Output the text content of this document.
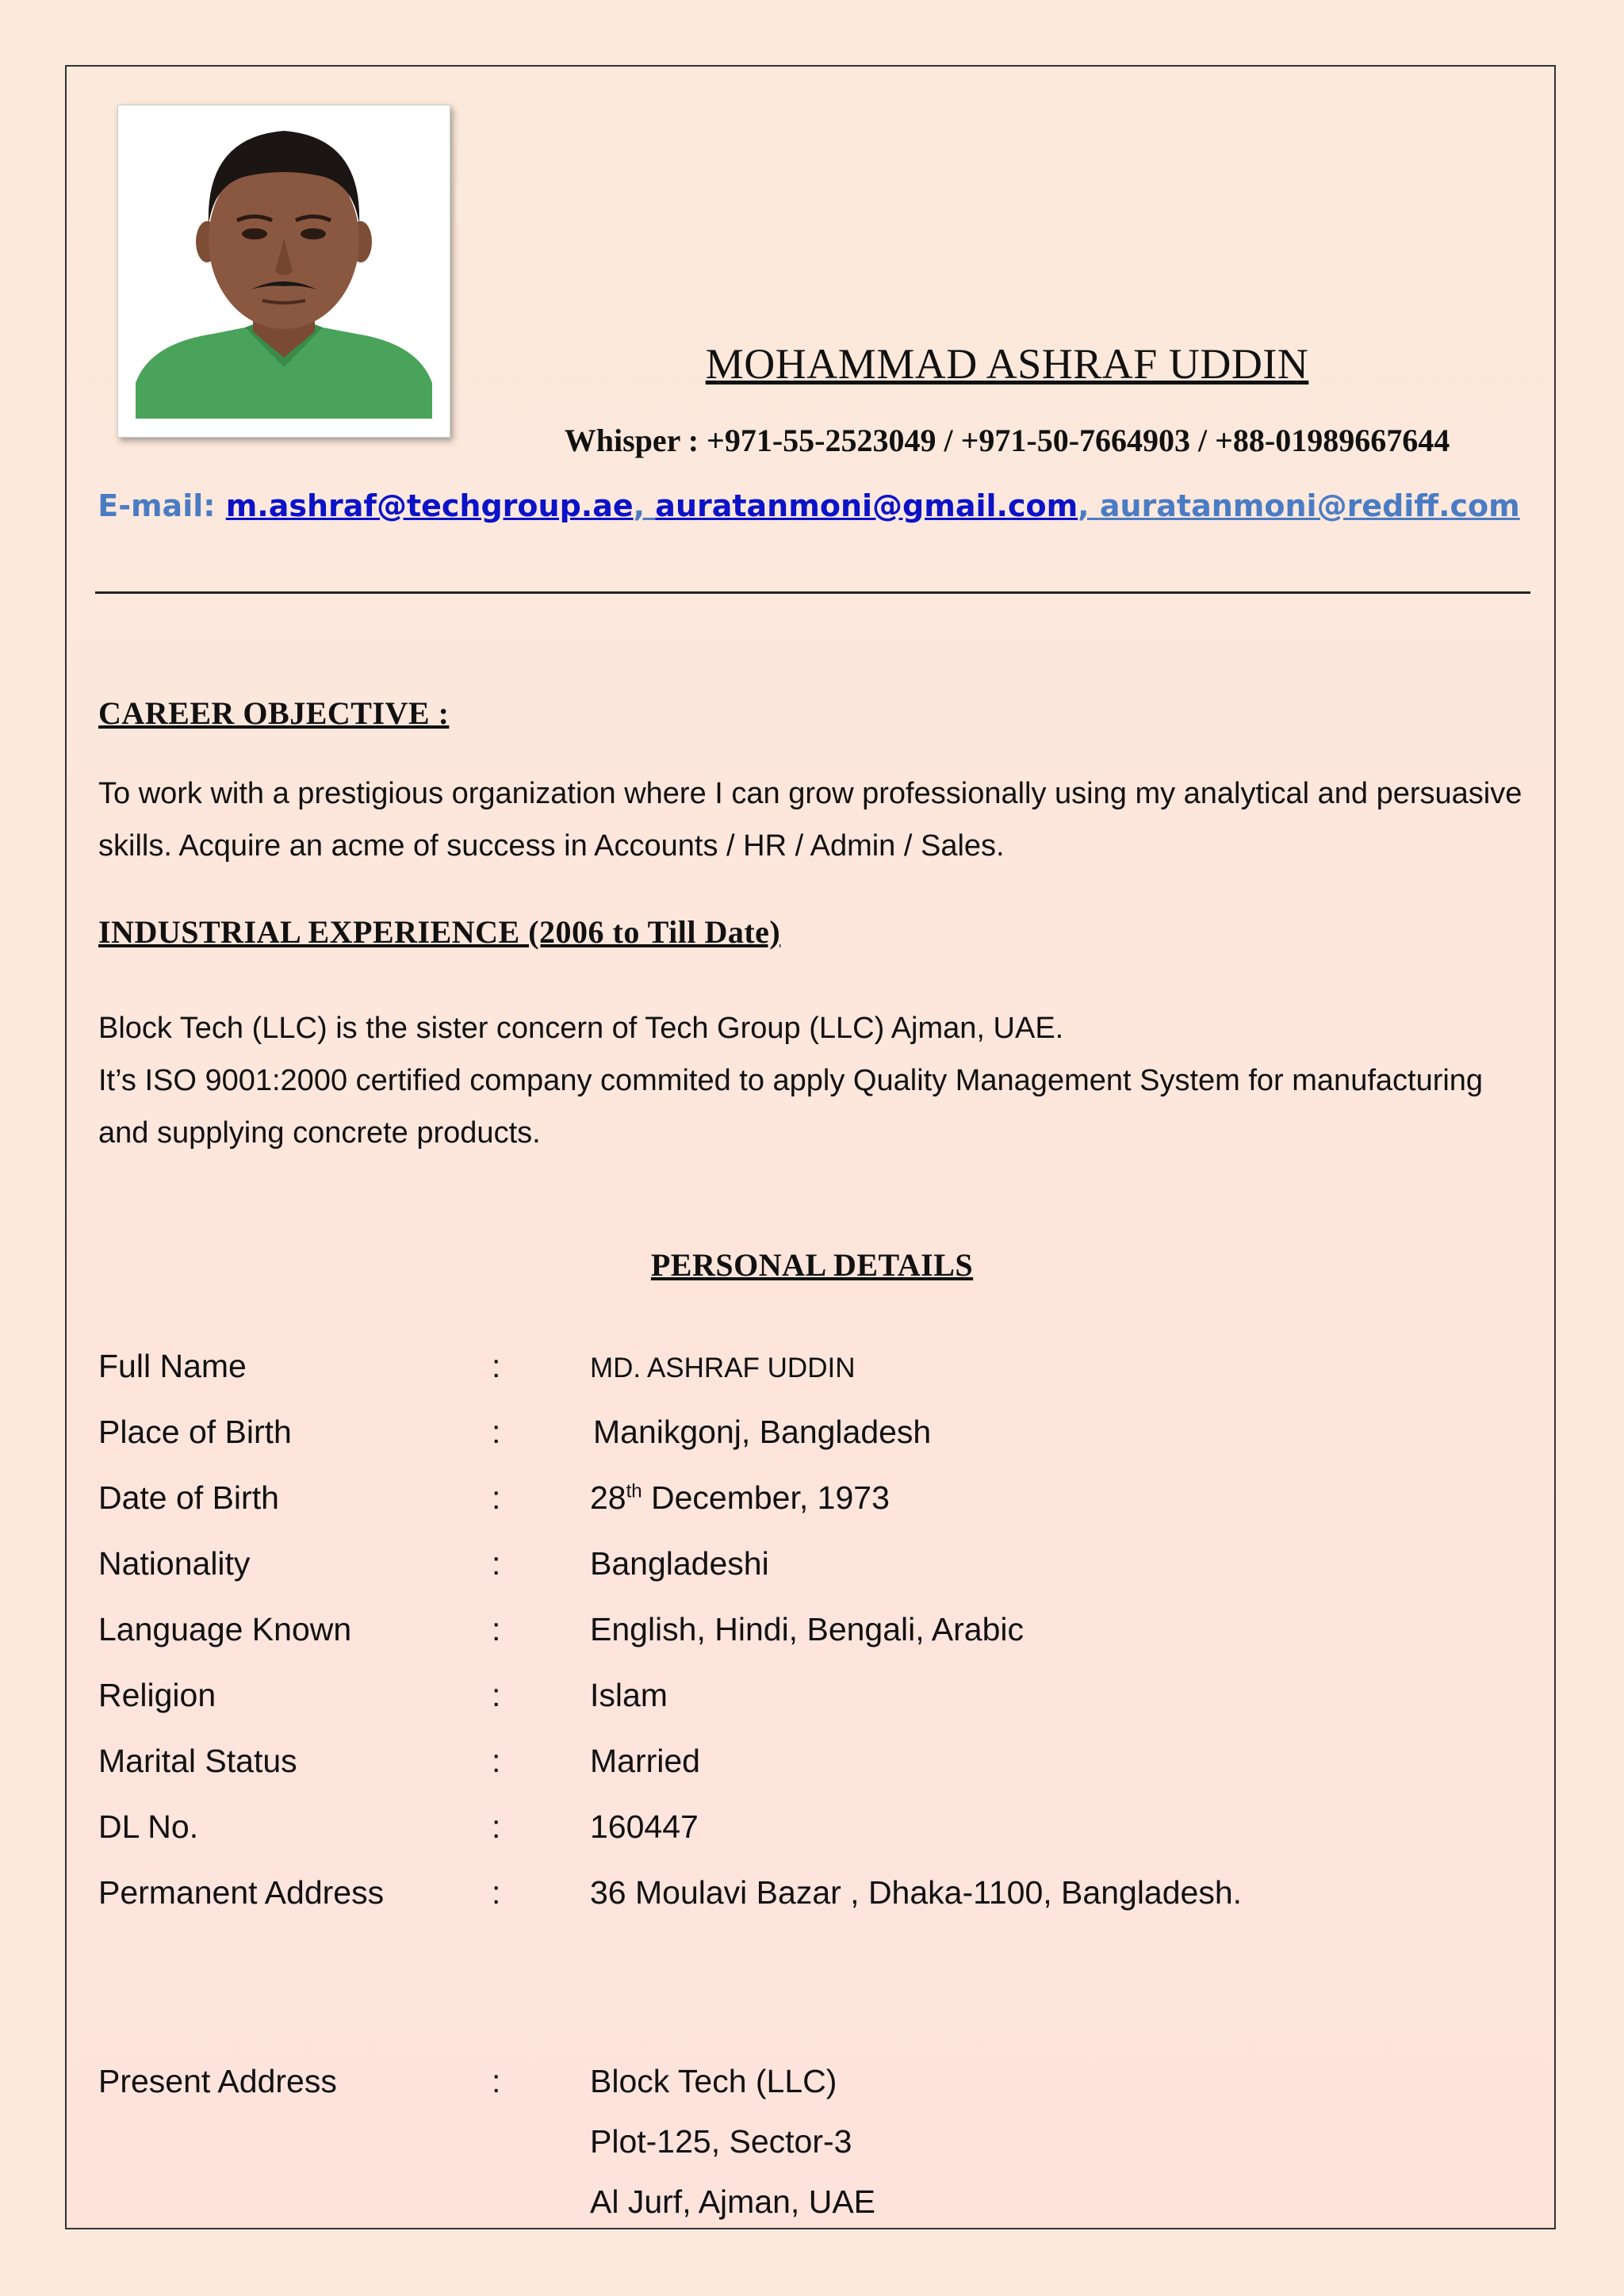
MOHAMMAD ASHRAF UDDIN
Whisper : +971-55-2523049 / +971-50-7664903 / +88-01989667644
E-mail: m.ashraf@techgroup.ae, auratanmoni@gmail.com, auratanmoni@rediff.com
CAREER OBJECTIVE :
To work with a prestigious organization where I can grow professionally using my analytical and persuasive skills. Acquire an acme of success in Accounts / HR / Admin / Sales.
INDUSTRIAL EXPERIENCE (2006 to Till Date)
Block Tech (LLC) is the sister concern of Tech Group (LLC) Ajman, UAE.
It’s ISO 9001:2000 certified company commited to apply Quality Management System for manufacturing and supplying concrete products.
PERSONAL DETAILS
Full Name	:	MD. ASHRAF UDDIN
Place of Birth	:	Manikgonj, Bangladesh
Date of Birth	:	28th December, 1973
Nationality	:	Bangladeshi
Language Known	:	English, Hindi, Bengali, Arabic
Religion	:	Islam
Marital Status	:	Married
DL No.	:	160447
Permanent Address	:	36 Moulavi Bazar , Dhaka-1100, Bangladesh.
Present Address	:	Block Tech (LLC)
Plot-125, Sector-3
Al Jurf, Ajman, UAE
